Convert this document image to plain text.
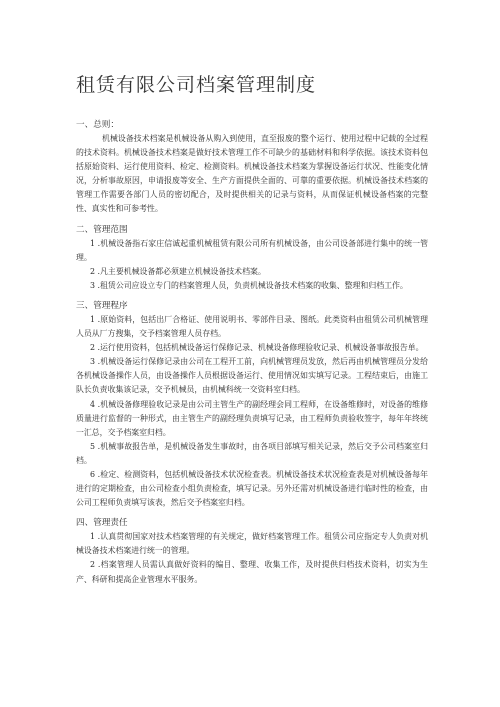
租赁有限公司档案管理制度
一、总则：

机械设备技术档案是机械设备从购入到使用，直至报废的整个运行、使用过程中记载的全过程的技术资料。机械设备技术档案是做好技术管理工作不可缺少的基础材料和科学依据。该技术资料包括原始资料、运行使用资料、检定、检测资料。机械设备技术档案为掌握设备运行状况、性能变化情况，分析事故原因，申请报废等安全、生产方面提供全面的、可靠的重要依据。机械设备技术档案的管理工作需要各部门人员的密切配合，及时提供相关的记录与资料，从而保证机械设备档案的完整性、真实性和可参考性。

二、管理范围

1 .机械设备指石家庄信诚起重机械租赁有限公司所有机械设备，由公司设备部进行集中的统一管理。

2 .凡主要机械设备都必须建立机械设备技术档案。

3 .租赁公司应设立专门的档案管理人员，负责机械设备技术档案的收集、整理和归档工作。

三、管理程序

1 .原始资料，包括出厂合格证、使用说明书、零部件目录、图纸。此类资料由租赁公司机械管理人员从厂方搜集，交予档案管理人员存档。

2 .运行使用资料，包括机械设备运行保修记录、机械设备修理验收记录、机械设备事故报告单。

3 .机械设备运行保修记录由公司在工程开工前，向机械管理员发放，然后再由机械管理员分发给各机械设备操作人员，由设备操作人员根据设备运行、使用情况如实填写记录。工程结束后，由施工队长负责收集该记录，交予机械员，由机械科统一交资料室归档。

4 .机械设备修理验收记录是由公司主管生产的副经理会同工程师，在设备维修时，对设备的维修质量进行监督的一种形式，由主管生产的副经理负责填写记录，由工程师负责验收签字，每年年终统一汇总，交予档案室归档。

5 .机械事故报告单，是机械设备发生事故时，由各项目部填写相关记录，然后交予公司档案室归档。

6 .检定、检测资料，包括机械设备技术状况检查表。机械设备技术状况检查表是对机械设备每年进行的定期检查，由公司检查小组负责检查，填写记录。另外还需对机械设备进行临时性的检查，由公司工程师负责填写该表，然后交予档案室归档。

四、管理责任

1 .认真贯彻国家对技术档案管理的有关规定，做好档案管理工作。租赁公司应指定专人负责对机械设备技术档案进行统一的管理。

2 .档案管理人员需认真做好资料的编目、整理、收集工作，及时提供归档技术资料，切实为生产、科研和提高企业管理水平服务。
